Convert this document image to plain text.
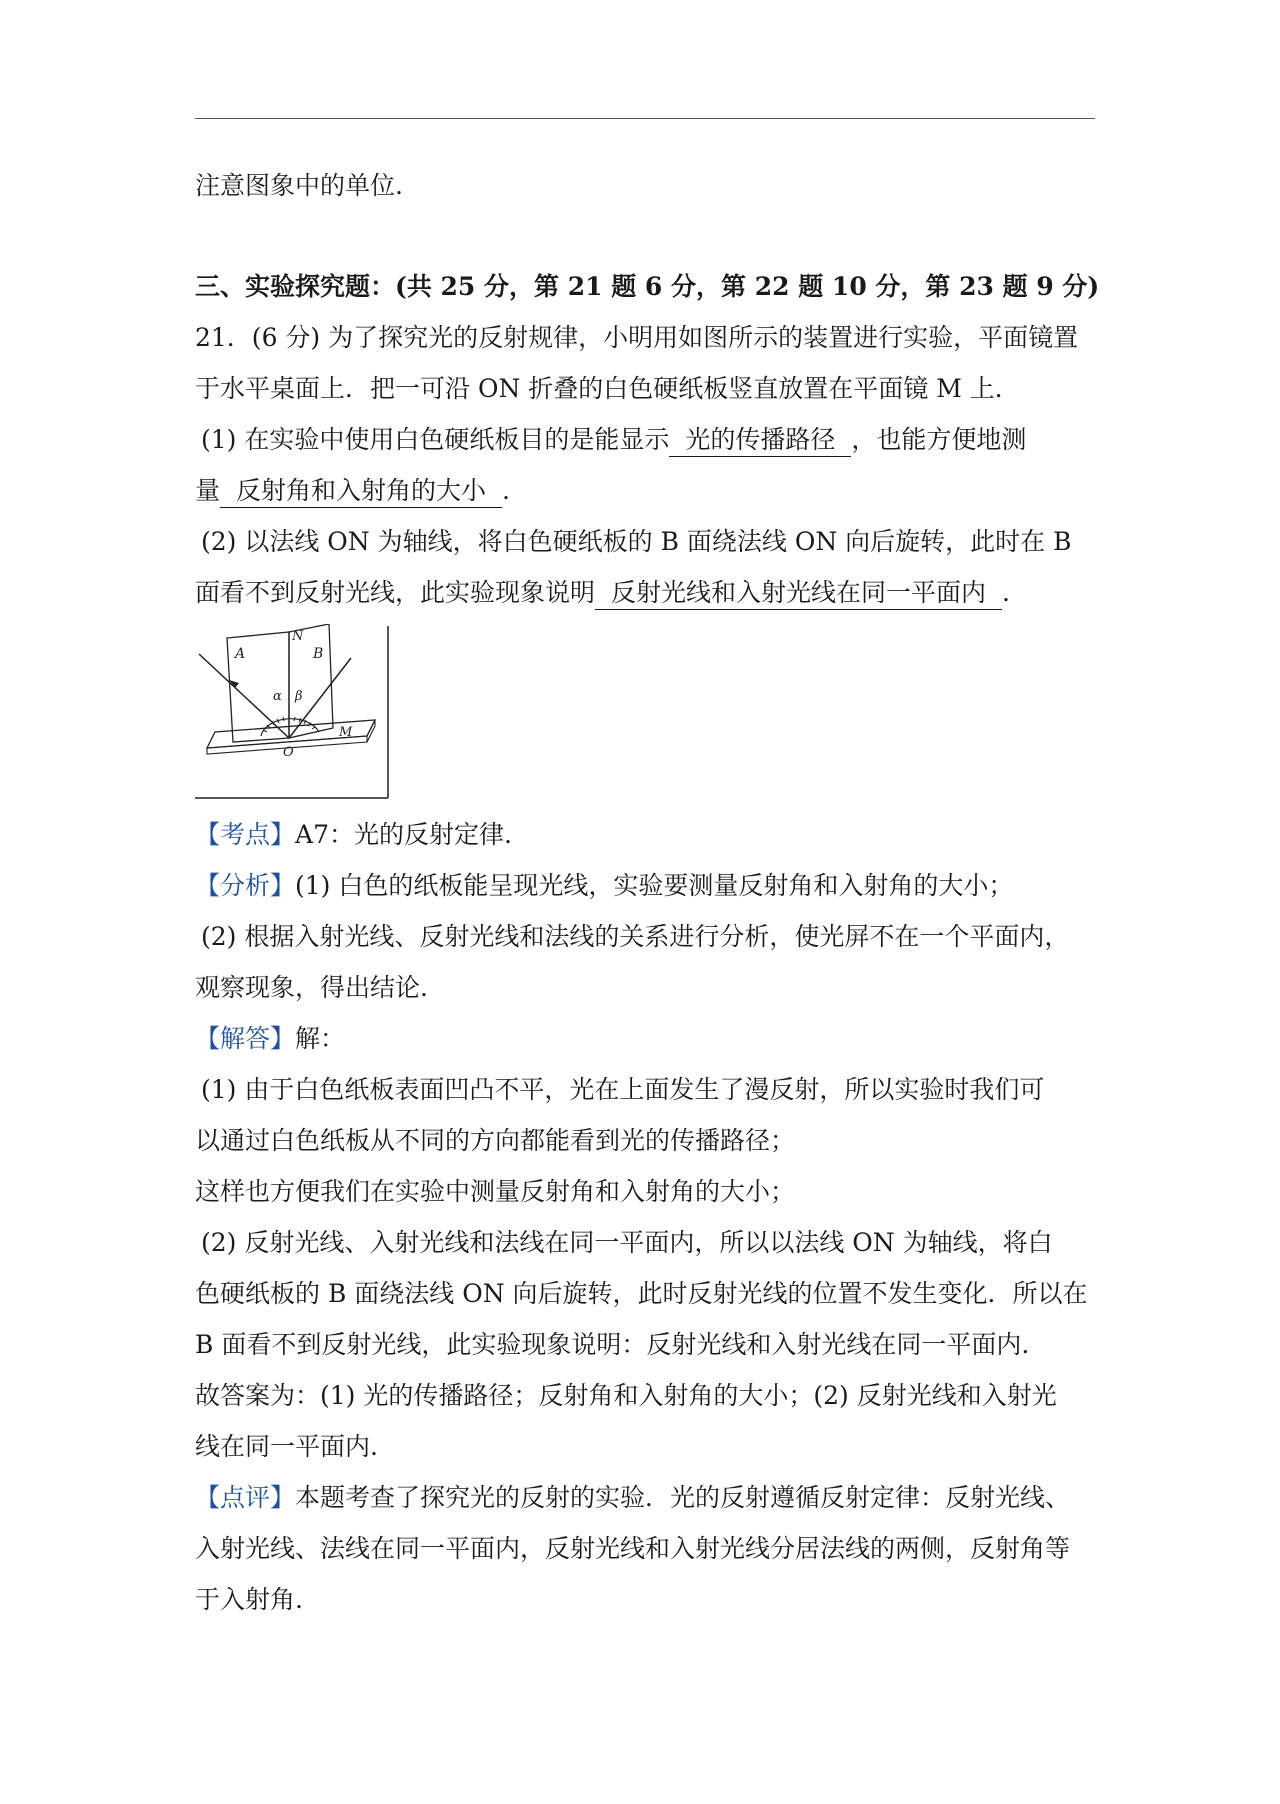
注意图象中的单位.

三、实验探究题：(共 25 分，第 21 题 6 分，第 22 题 10 分，第 23 题 9 分)

21．(6 分) 为了探究光的反射规律，小明用如图所示的装置进行实验，平面镜置

于水平桌面上．把一可沿 ON 折叠的白色硬纸板竖直放置在平面镜 M 上．

(1) 在实验中使用白色硬纸板目的是能显示 光的传播路径 ，也能方便地测

量 反射角和入射角的大小 .

(2) 以法线 ON 为轴线，将白色硬纸板的 B 面绕法线 ON 向后旋转，此时在 B

面看不到反射光线，此实验现象说明 反射光线和入射光线在同一平面内 .

A
N
B
α β
O
M

【考点】A7：光的反射定律.

【分析】(1) 白色的纸板能呈现光线，实验要测量反射角和入射角的大小；

(2) 根据入射光线、反射光线和法线的关系进行分析，使光屏不在一个平面内，

观察现象，得出结论.

【解答】解：

(1) 由于白色纸板表面凹凸不平，光在上面发生了漫反射，所以实验时我们可

以通过白色纸板从不同的方向都能看到光的传播路径；

这样也方便我们在实验中测量反射角和入射角的大小；

(2) 反射光线、入射光线和法线在同一平面内，所以以法线 ON 为轴线，将白

色硬纸板的 B 面绕法线 ON 向后旋转，此时反射光线的位置不发生变化．所以在

B 面看不到反射光线，此实验现象说明：反射光线和入射光线在同一平面内.

故答案为：(1) 光的传播路径；反射角和入射角的大小；(2) 反射光线和入射光

线在同一平面内.

【点评】本题考查了探究光的反射的实验．光的反射遵循反射定律：反射光线、

入射光线、法线在同一平面内，反射光线和入射光线分居法线的两侧，反射角等

于入射角.
